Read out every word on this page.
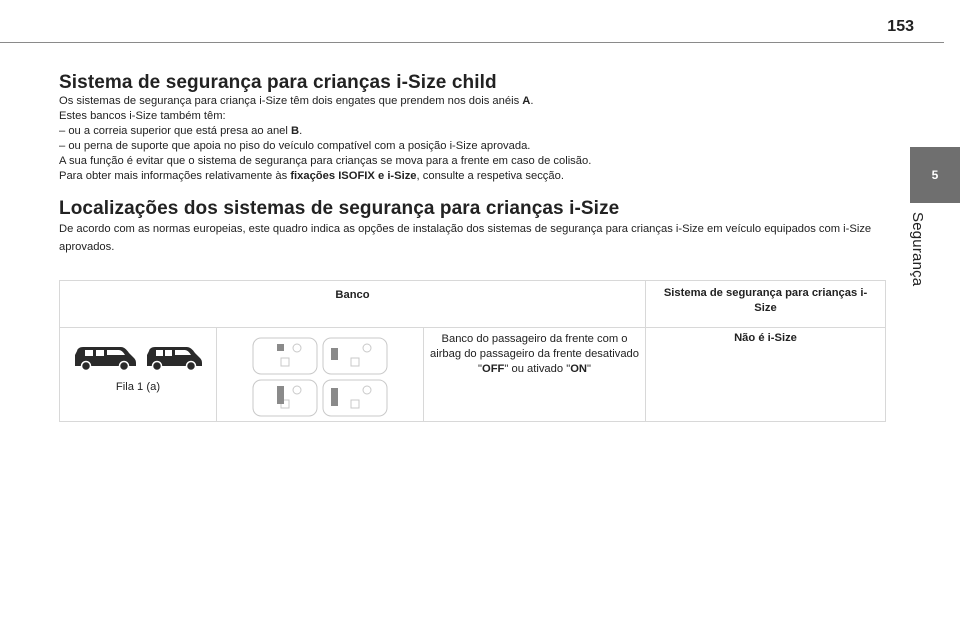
153
5
Segurança
Sistema de segurança para crianças i-Size child

Os sistemas de segurança para criança i-Size têm dois engates que prendem nos dois anéis A.

Estes bancos i-Size também têm:

– ou a correia superior que está presa ao anel B.

– ou perna de suporte que apoia no piso do veículo compatível com a posição i-Size aprovada.

A sua função é evitar que o sistema de segurança para crianças se mova para a frente em caso de colisão.

Para obter mais informações relativamente às fixações ISOFIX e i-Size, consulte a respetiva secção.

Localizações dos sistemas de segurança para crianças i-Size

De acordo com as normas europeias, este quadro indica as opções de instalação dos sistemas de segurança para crianças i-Size em veículo equipados com i-Size aprovados.

Banco			Sistema de segurança para crianças i-Size

Fila 1 (a)		Banco do passageiro da frente com o airbag do passageiro da frente desativado "OFF" ou ativado "ON"	Não é i-Size
